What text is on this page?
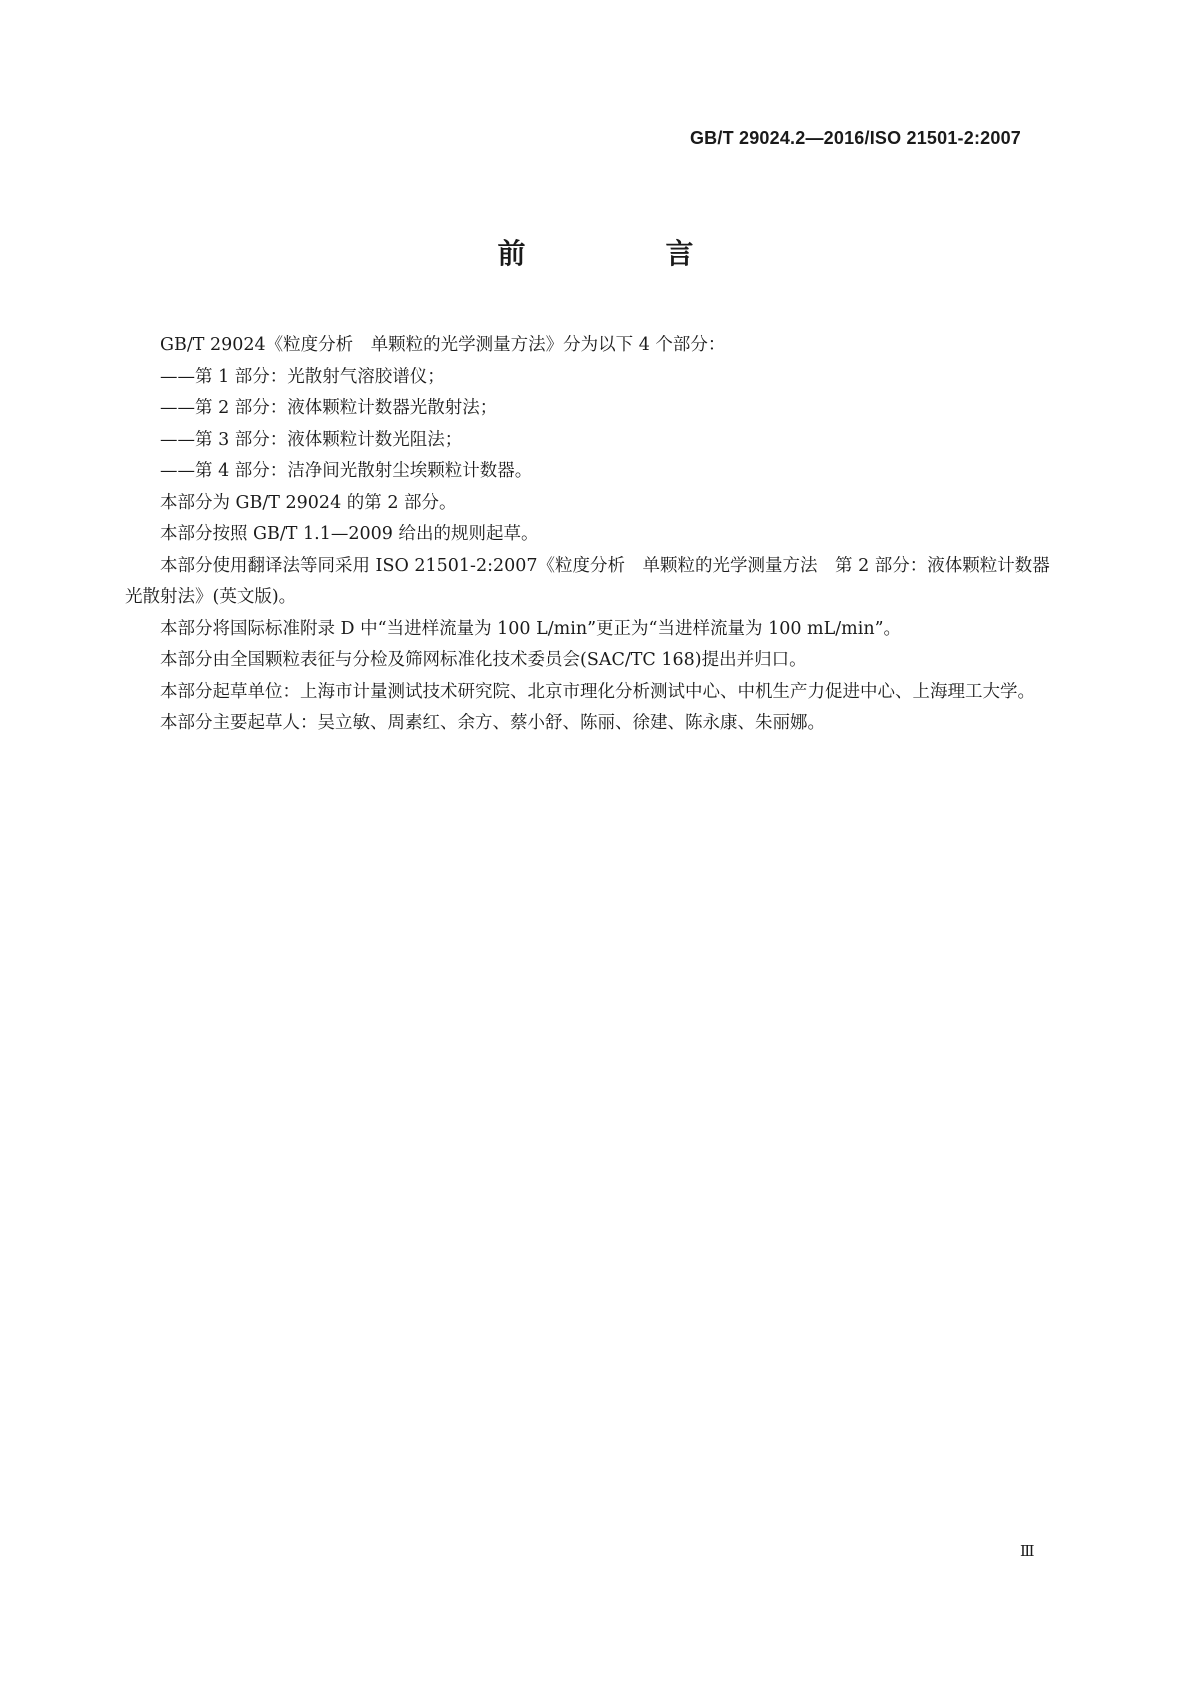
GB/T 29024.2—2016/ISO 21501-2:2007
前　言

GB/T 29024《粒度分析　单颗粒的光学测量方法》分为以下 4 个部分：

——第 1 部分：光散射气溶胶谱仪；

——第 2 部分：液体颗粒计数器光散射法；

——第 3 部分：液体颗粒计数光阻法；

——第 4 部分：洁净间光散射尘埃颗粒计数器。

本部分为 GB/T 29024 的第 2 部分。

本部分按照 GB/T 1.1—2009 给出的规则起草。

本部分使用翻译法等同采用 ISO 21501-2:2007《粒度分析　单颗粒的光学测量方法　第 2 部分：液体颗粒计数器光散射法》(英文版)。

本部分将国际标准附录 D 中“当进样流量为 100 L/min”更正为“当进样流量为 100 mL/min”。

本部分由全国颗粒表征与分检及筛网标准化技术委员会(SAC/TC 168)提出并归口。

本部分起草单位：上海市计量测试技术研究院、北京市理化分析测试中心、中机生产力促进中心、上海理工大学。

本部分主要起草人：吴立敏、周素红、余方、蔡小舒、陈丽、徐建、陈永康、朱丽娜。

Ⅲ
